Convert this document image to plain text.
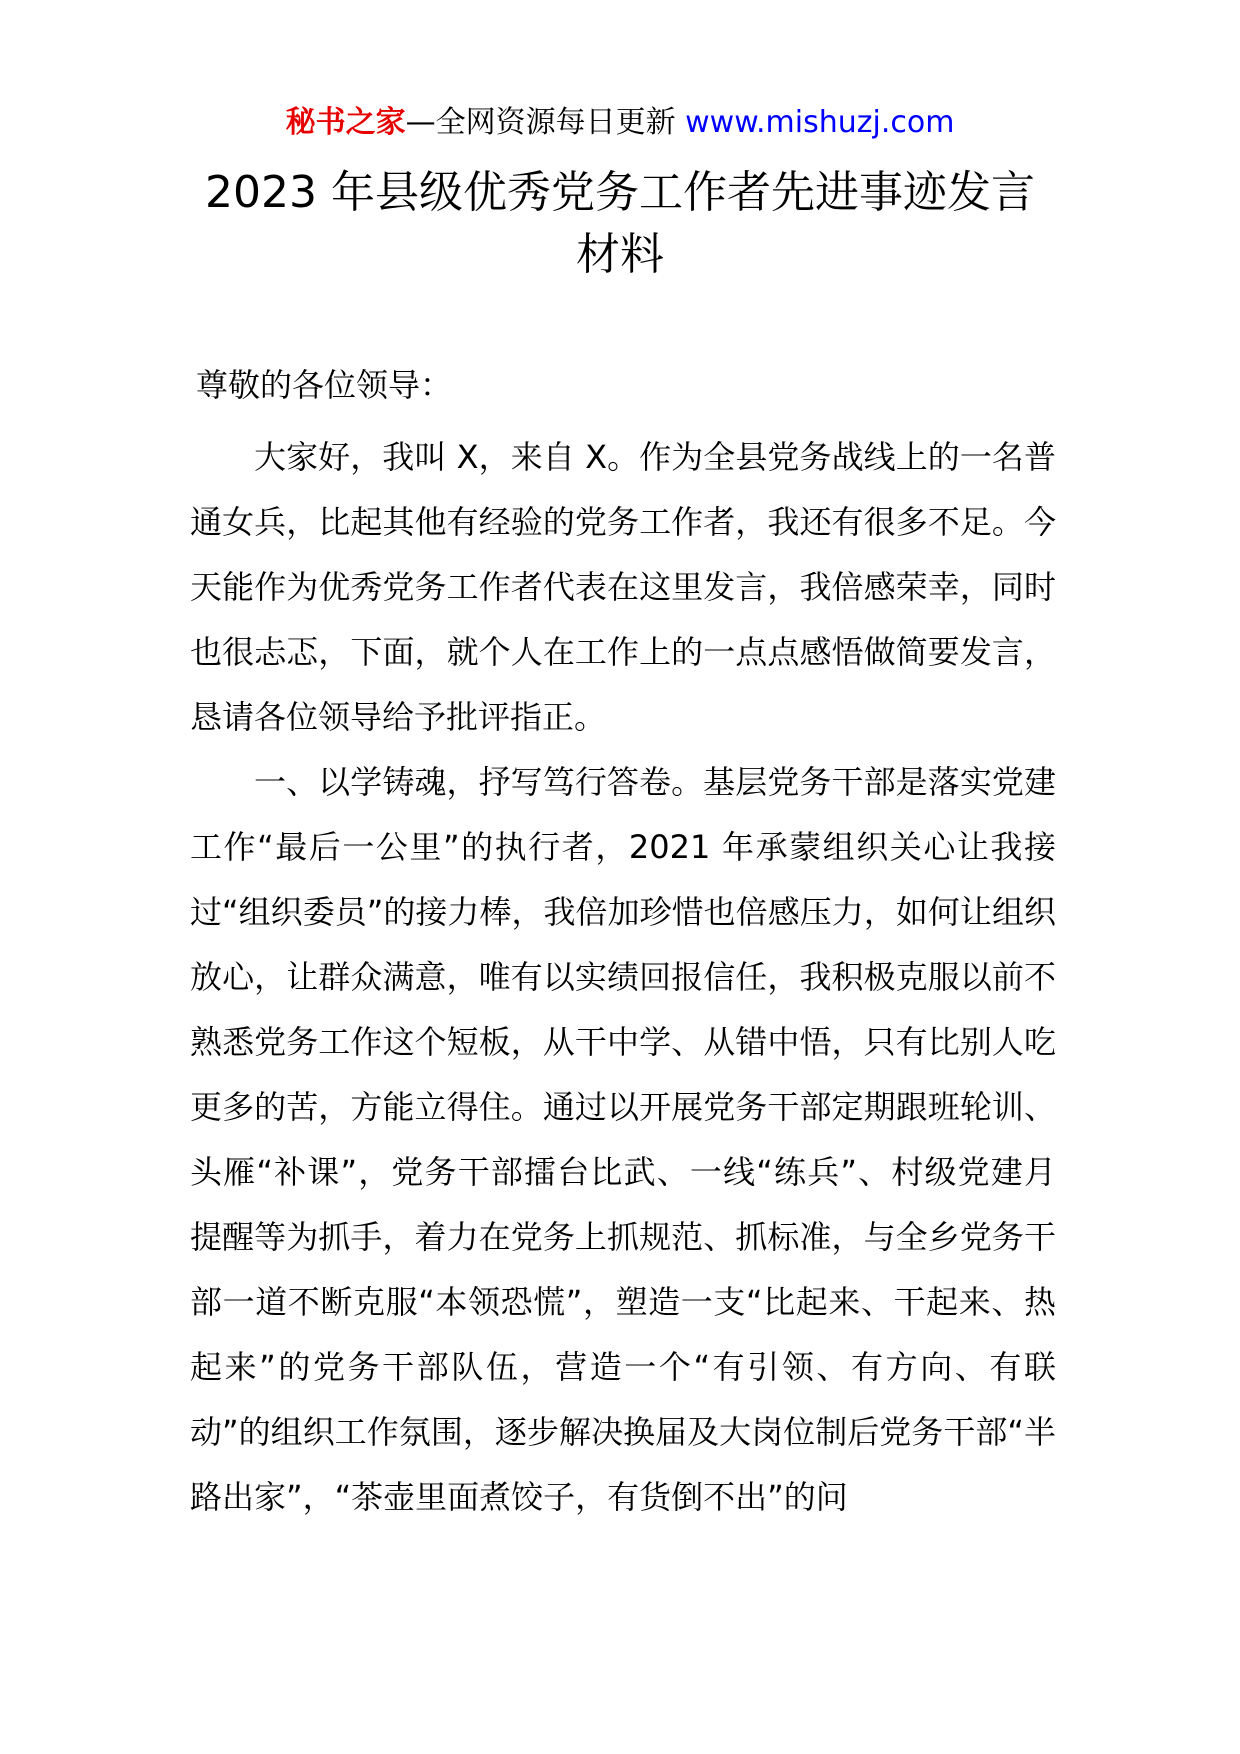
秘书之家—全网资源每日更新 www.mishuzj.com
2023 年县级优秀党务工作者先进事迹发言
材料
尊敬的各位领导：

大家好，我叫 X，来自 X。作为全县党务战线上的一名普通女兵，比起其他有经验的党务工作者，我还有很多不足。今天能作为优秀党务工作者代表在这里发言，我倍感荣幸，同时也很忐忑，下面，就个人在工作上的一点点感悟做简要发言，恳请各位领导给予批评指正。

一、以学铸魂，抒写笃行答卷。基层党务干部是落实党建工作“最后一公里”的执行者，2021 年承蒙组织关心让我接过“组织委员”的接力棒，我倍加珍惜也倍感压力，如何让组织放心，让群众满意，唯有以实绩回报信任，我积极克服以前不熟悉党务工作这个短板，从干中学、从错中悟，只有比别人吃更多的苦，方能立得住。通过以开展党务干部定期跟班轮训、头雁“补课”，党务干部擂台比武、一线“练兵”、村级党建月提醒等为抓手，着力在党务上抓规范、抓标准，与全乡党务干部一道不断克服“本领恐慌”，塑造一支“比起来、干起来、热起来”的党务干部队伍，营造一个“有引领、有方向、有联动”的组织工作氛围，逐步解决换届及大岗位制后党务干部“半路出家”，“茶壶里面煮饺子，有货倒不出”的问
